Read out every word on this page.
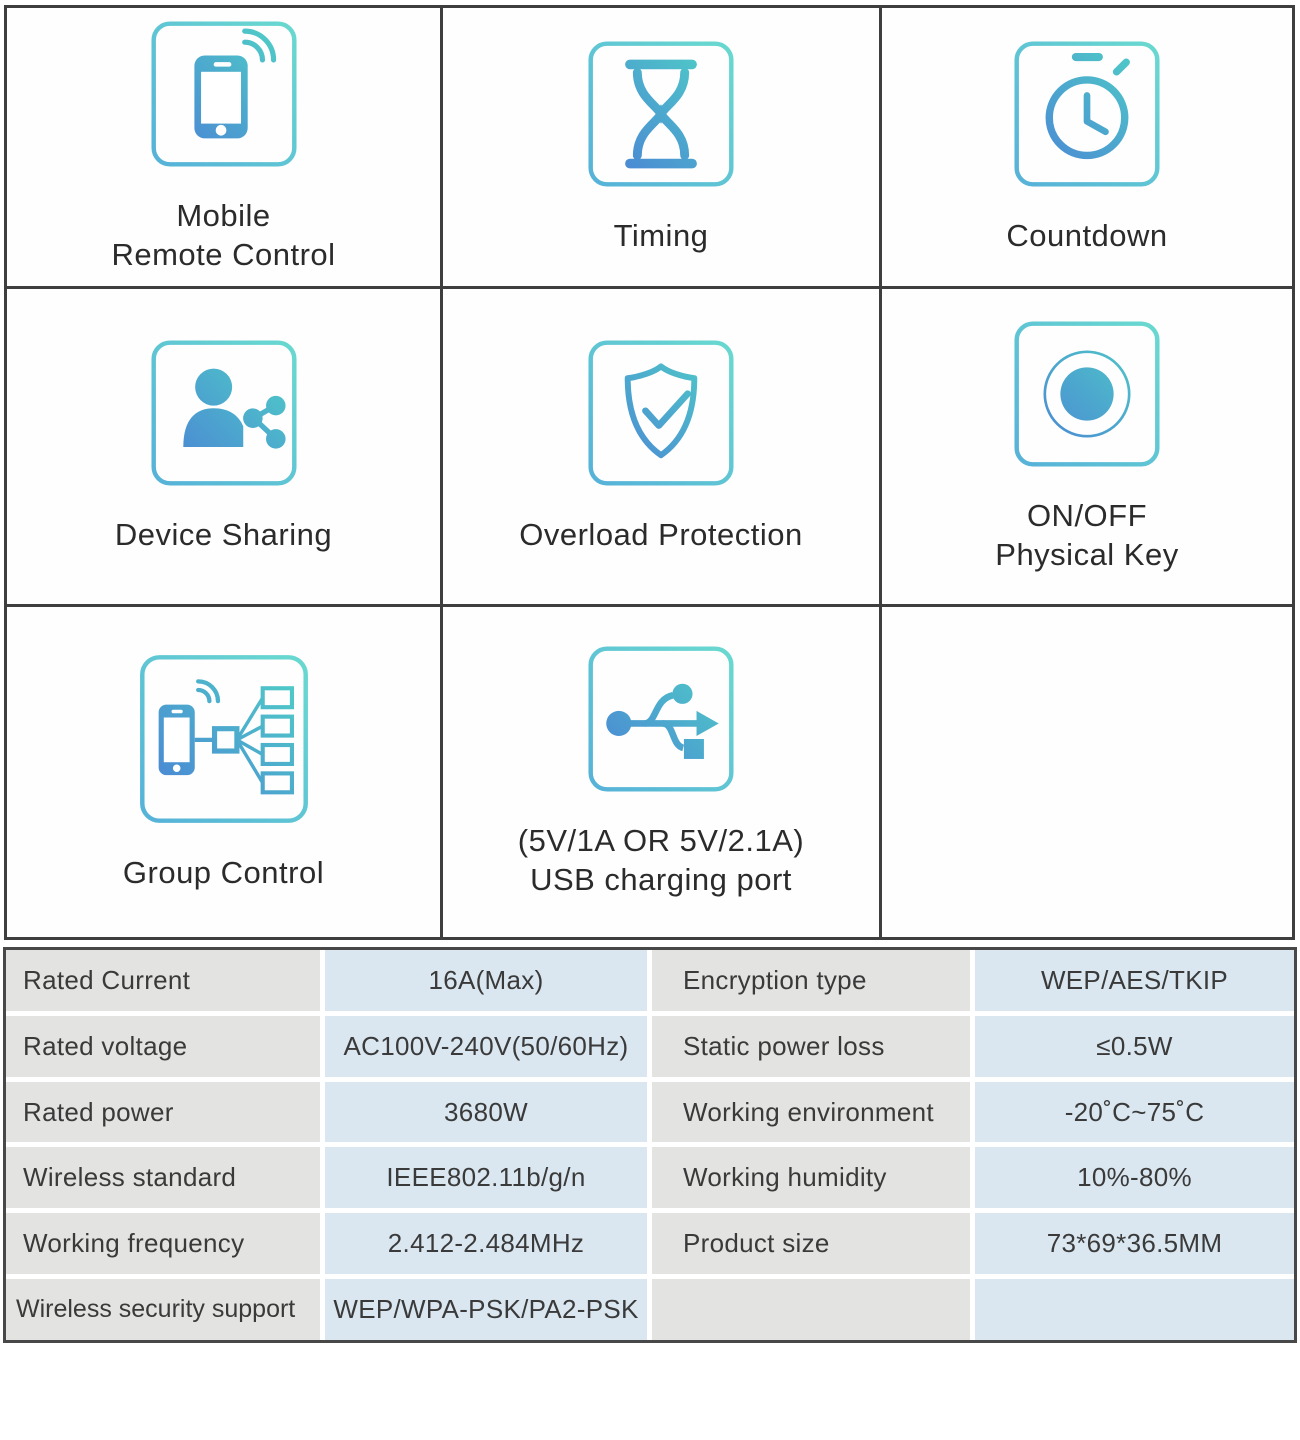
Mobile
Remote Control
Timing	Countdown
Device Sharing	Overload Protection
ON/OFF
Physical Key
Group Control
(5V/1A OR 5V/2.1A)
USB charging port
Rated Current	16A(Max)	Encryption type	WEP/AES/TKIP
Rated voltage	AC100V-240V(50/60Hz)	Static power loss	≤0.5W
Rated power	3680W	Working environment	-20˚C~75˚C
Wireless standard	IEEE802.11b/g/n	Working humidity	10%-80%
Working frequency	2.412-2.484MHz	Product size	73*69*36.5MM
Wireless security support	WEP/WPA-PSK/PA2-PSK
